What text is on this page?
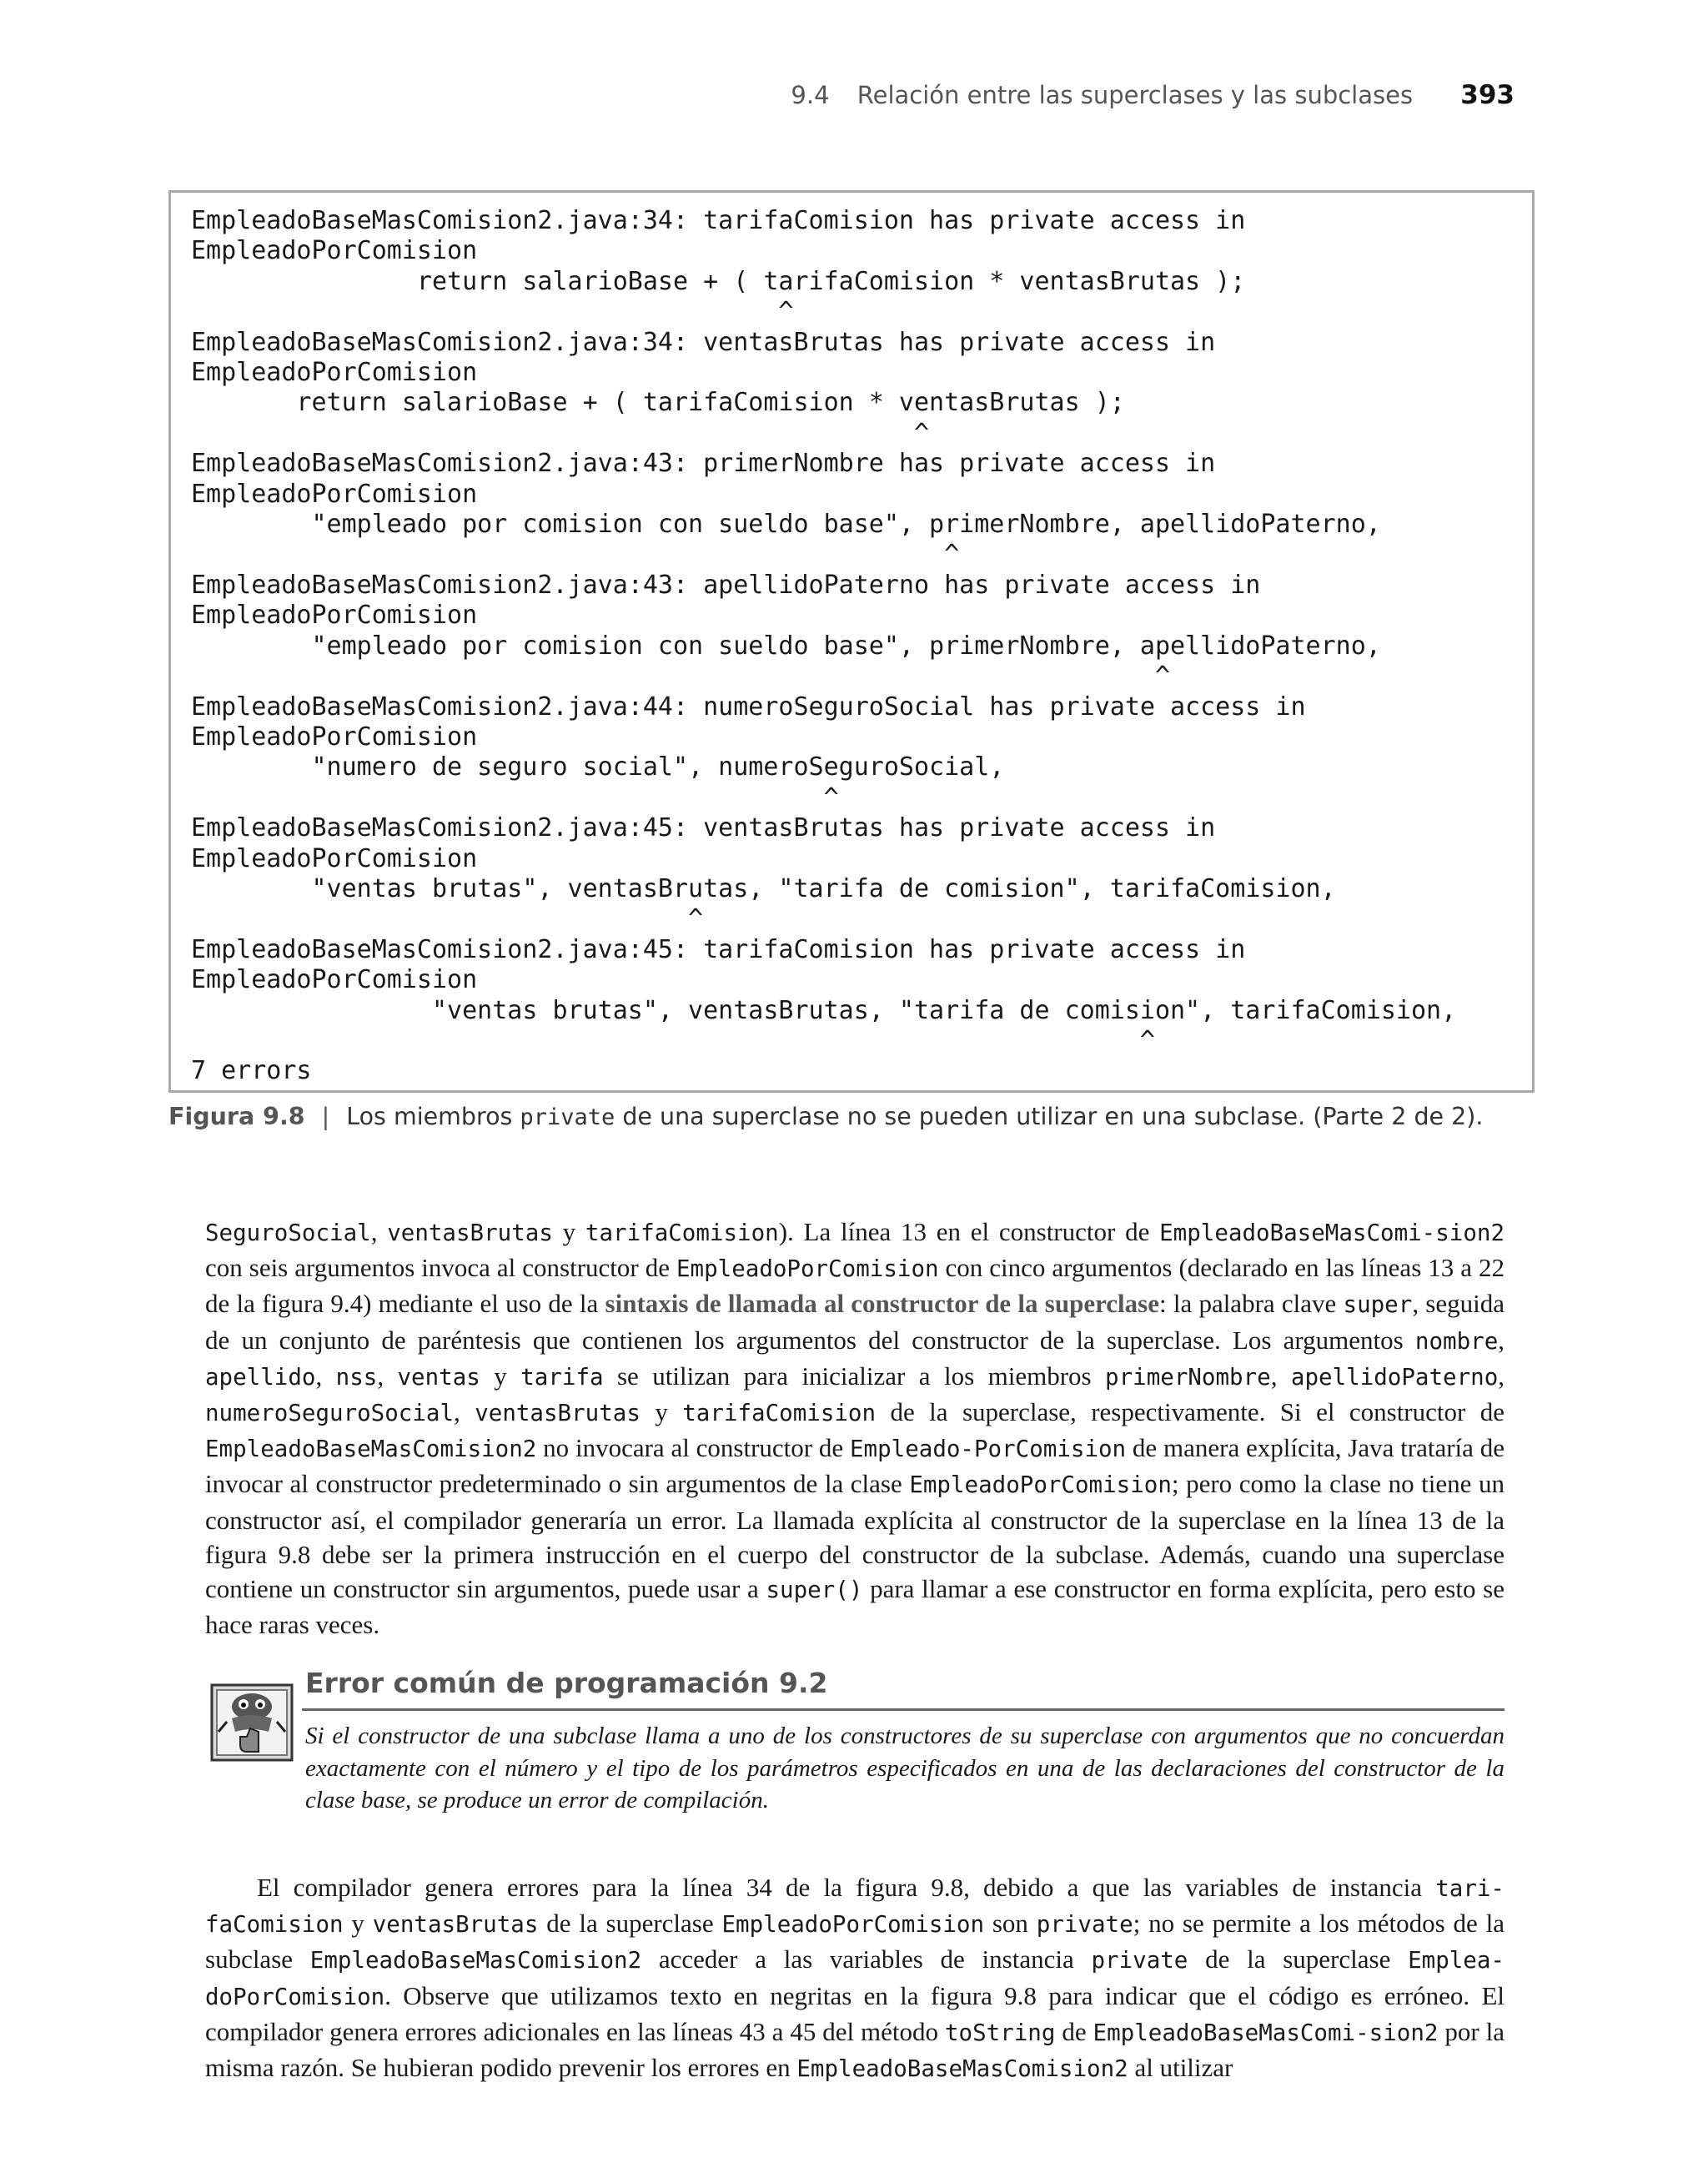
9.4 Relación entre las superclases y las subclases 393
EmpleadoBaseMasComision2.java:34: tarifaComision has private access in
EmpleadoPorComision
return salarioBase + ( tarifaComision * ventasBrutas );
^
EmpleadoBaseMasComision2.java:34: ventasBrutas has private access in
EmpleadoPorComision
return salarioBase + ( tarifaComision * ventasBrutas );
^
EmpleadoBaseMasComision2.java:43: primerNombre has private access in
EmpleadoPorComision
"empleado por comision con sueldo base", primerNombre, apellidoPaterno,
^
EmpleadoBaseMasComision2.java:43: apellidoPaterno has private access in
EmpleadoPorComision
"empleado por comision con sueldo base", primerNombre, apellidoPaterno,
^
EmpleadoBaseMasComision2.java:44: numeroSeguroSocial has private access in
EmpleadoPorComision
"numero de seguro social", numeroSeguroSocial,
^
EmpleadoBaseMasComision2.java:45: ventasBrutas has private access in
EmpleadoPorComision
"ventas brutas", ventasBrutas, "tarifa de comision", tarifaComision,
^
EmpleadoBaseMasComision2.java:45: tarifaComision has private access in
EmpleadoPorComision
"ventas brutas", ventasBrutas, "tarifa de comision", tarifaComision,
^
7 errors
Figura 9.8 | Los miembros private de una superclase no se pueden utilizar en una subclase. (Parte 2 de 2).

SeguroSocial, ventasBrutas y tarifaComision). La línea 13 en el constructor de EmpleadoBaseMasComi-sion2 con seis argumentos invoca al constructor de EmpleadoPorComision con cinco argumentos (declarado en las líneas 13 a 22 de la figura 9.4) mediante el uso de la sintaxis de llamada al constructor de la superclase: la palabra clave super, seguida de un conjunto de paréntesis que contienen los argumentos del constructor de la superclase. Los argumentos nombre, apellido, nss, ventas y tarifa se utilizan para inicializar a los miembros primerNombre, apellidoPaterno, numeroSeguroSocial, ventasBrutas y tarifaComision de la superclase, respectivamente. Si el constructor de EmpleadoBaseMasComision2 no invocara al constructor de Empleado-PorComision de manera explícita, Java trataría de invocar al constructor predeterminado o sin argumentos de la clase EmpleadoPorComision; pero como la clase no tiene un constructor así, el compilador generaría un error. La llamada explícita al constructor de la superclase en la línea 13 de la figura 9.8 debe ser la primera instrucción en el cuerpo del constructor de la subclase. Además, cuando una superclase contiene un constructor sin argumentos, puede usar a super() para llamar a ese constructor en forma explícita, pero esto se hace raras veces.

Error común de programación 9.2

Si el constructor de una subclase llama a uno de los constructores de su superclase con argumentos que no concuerdan exactamente con el número y el tipo de los parámetros especificados en una de las declaraciones del constructor de la clase base, se produce un error de compilación.

El compilador genera errores para la línea 34 de la figura 9.8, debido a que las variables de instancia tari-faComision y ventasBrutas de la superclase EmpleadoPorComision son private; no se permite a los métodos de la subclase EmpleadoBaseMasComision2 acceder a las variables de instancia private de la superclase Emplea-doPorComision. Observe que utilizamos texto en negritas en la figura 9.8 para indicar que el código es erróneo. El compilador genera errores adicionales en las líneas 43 a 45 del método toString de EmpleadoBaseMasComi-sion2 por la misma razón. Se hubieran podido prevenir los errores en EmpleadoBaseMasComision2 al utilizar
